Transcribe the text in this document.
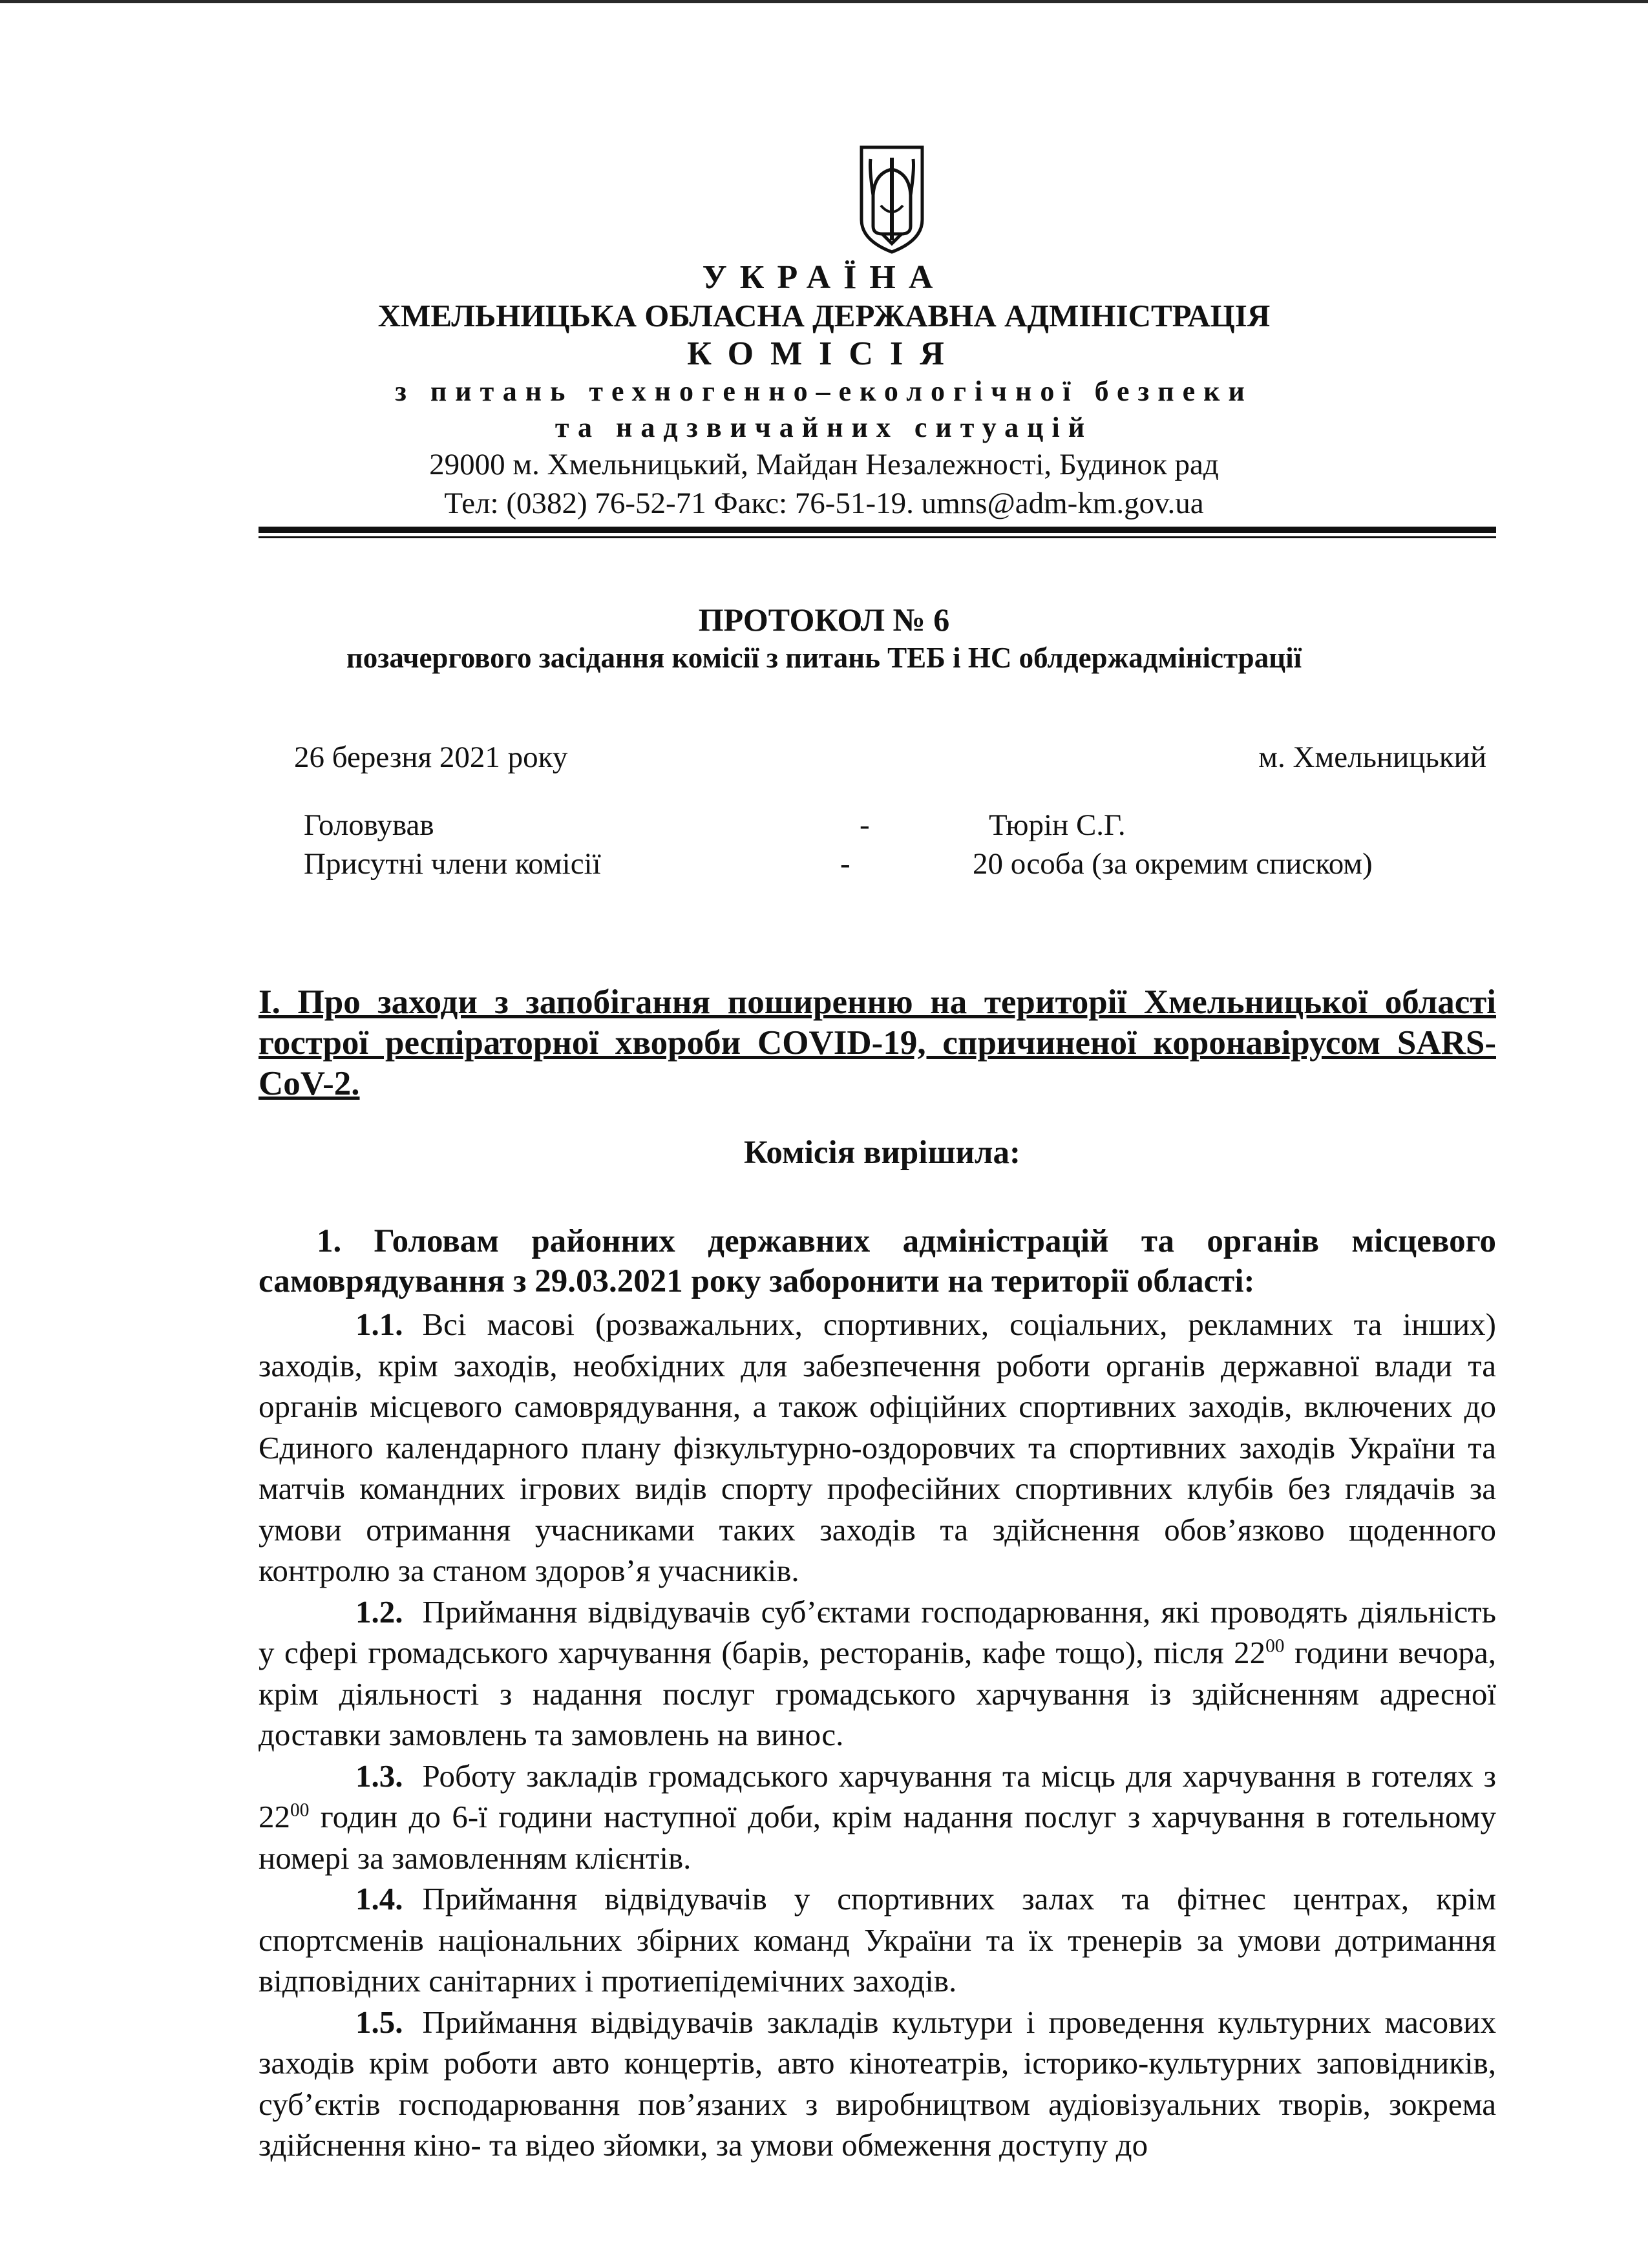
УКРАЇНА
ХМЕЛЬНИЦЬКА ОБЛАСНА ДЕРЖАВНА АДМІНІСТРАЦІЯ
КОМІСІЯ
з питань техногенно–екологічної безпеки
та надзвичайних ситуацій
29000 м. Хмельницький, Майдан Незалежності, Будинок рад
Тел: (0382) 76-52-71 Факс: 76-51-19. umns@adm-km.gov.ua
ПРОТОКОЛ № 6
позачергового засідання комісії з питань ТЕБ і НС облдержадміністрації
26 березня 2021 року	м. Хмельницький
Головував	-	Тюрін С.Г.
Присутні члени комісії	-	20 особа (за окремим списком)
І. Про заходи з запобігання поширенню на території Хмельницької області гострої респіраторної хвороби COVID-19, спричиненої коронавірусом SARS-CoV-2.
Комісія вирішила:
1. Головам районних державних адміністрацій та органів місцевого самоврядування з 29.03.2021 року заборонити на території області:

1.1. Всі масові (розважальних, спортивних, соціальних, рекламних та інших) заходів, крім заходів, необхідних для забезпечення роботи органів державної влади та органів місцевого самоврядування, а також офіційних спортивних заходів, включених до Єдиного календарного плану фізкультурно-оздоровчих та спортивних заходів України та матчів командних ігрових видів спорту професійних спортивних клубів без глядачів за умови отримання учасниками таких заходів та здійснення обов’язково щоденного контролю за станом здоров’я учасників.

1.2. Приймання відвідувачів суб’єктами господарювання, які проводять діяльність у сфері громадського харчування (барів, ресторанів, кафе тощо), після $22^{00}$ години вечора, крім діяльності з надання послуг громадського харчування із здійсненням адресної доставки замовлень та замовлень на винос.

1.3. Роботу закладів громадського харчування та місць для харчування в готелях з $22^{00}$ годин до 6-ї години наступної доби, крім надання послуг з харчування в готельному номері за замовленням клієнтів.

1.4. Приймання відвідувачів у спортивних залах та фітнес центрах, крім спортсменів національних збірних команд України та їх тренерів за умови дотримання відповідних санітарних і протиепідемічних заходів.

1.5. Приймання відвідувачів закладів культури і проведення культурних масових заходів крім роботи авто концертів, авто кінотеатрів, історико-культурних заповідників, суб’єктів господарювання пов’язаних з виробництвом аудіовізуальних творів, зокрема здійснення кіно- та відео зйомки, за умови обмеження доступу до
